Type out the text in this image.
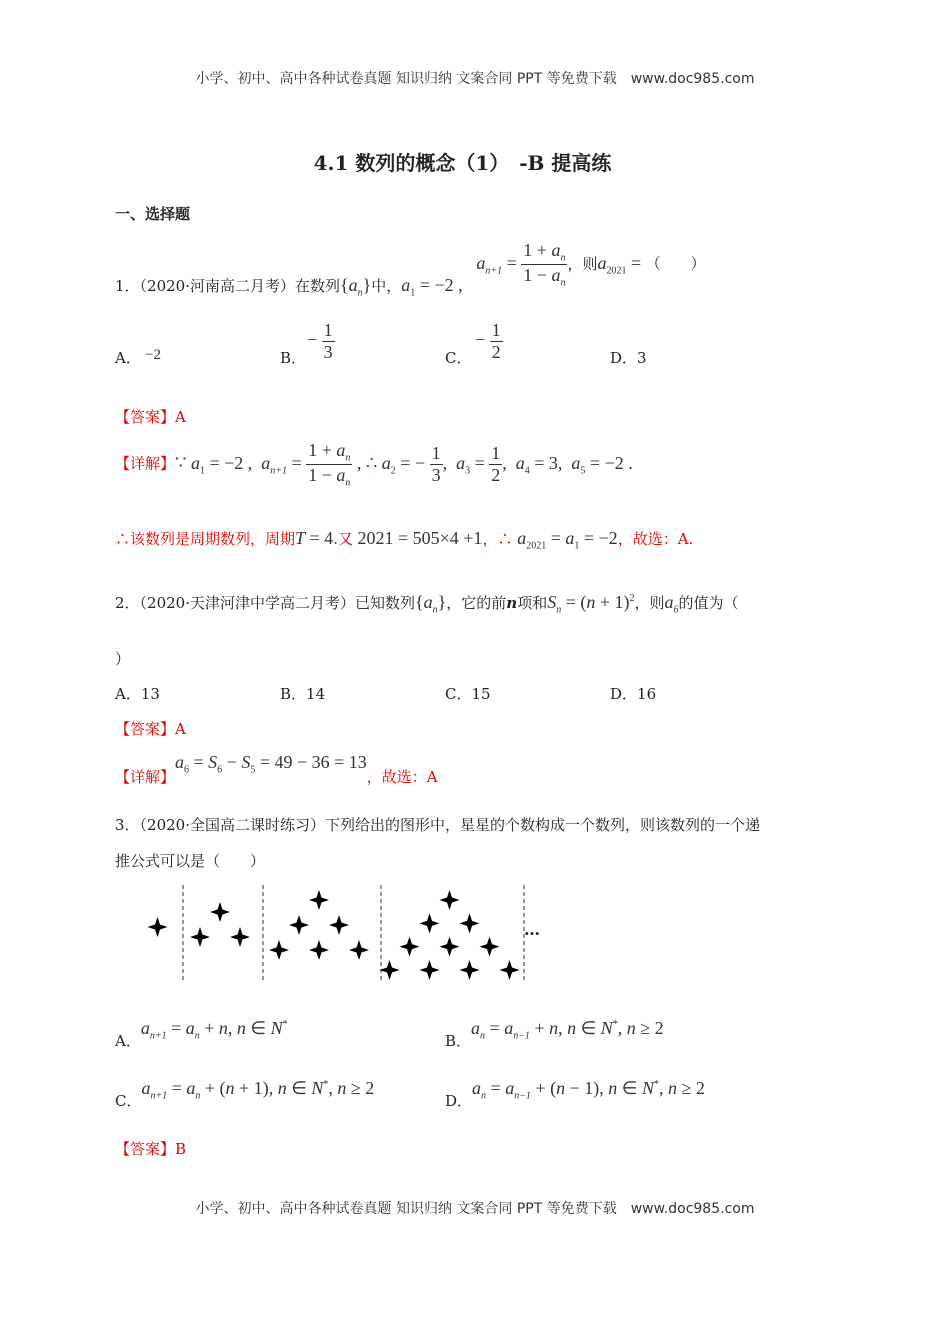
小学、初中、高中各种试卷真题 知识归纳 文案合同 PPT 等免费下载　www.doc985.com
4.1 数列的概念（1）　-B 提高练
一、选择题
1．（2020·河南高二月考）在数列$\{a_n\}$中，$a_1 = -2$ ,   $a_{n+1} = \frac{1 + a_n}{1 - a_n}$ ，则$a_{2021}$ = （　　）
A． −2	B．
− $\frac{1}{3}$	C．
− $\frac{1}{2}$	D．3
【答案】A
【详解】∵ $a_1 = -2$ ,  $a_{n+1} = \frac{1 + a_n}{1 - a_n}$ , ∴ $a_2$ = − $\frac{1}{3}$ ,  $a_3 = \frac{1}{2}$ ,  $a_4 = 3$,  $a_5 = -2$ .
∴该数列是周期数列，周期T = 4.又 2021 = 505×4 +1，∴ $a_{2021} = a_1 = -2$，故选：A.
2．（2020·天津河津中学高二月考）已知数列$\{a_n\}$，它的前n项和$S_n = (n + 1)^2$，则$a_6$的值为（
）
A．13	B．14	C．15	D．16
【答案】A
【详解】$a_6 = S_6 - S_5 = 49 - 36 = 13$，故选：A
3．（2020·全国高二课时练习）下列给出的图形中，星星的个数构成一个数列，则该数列的一个递
推公式可以是（　　）
…
A．$a_{n+1} = a_n + n$, n ∈ N*
B．$a_n = a_{n-1} + n$, n ∈ N*, n ≥ 2
C．$a_{n+1} = a_n + (n + 1)$, n ∈ N*, n ≥ 2
D．$a_n = a_{n-1} + (n - 1)$, n ∈ N*, n ≥ 2
【答案】B
小学、初中、高中各种试卷真题 知识归纳 文案合同 PPT 等免费下载　www.doc985.com
